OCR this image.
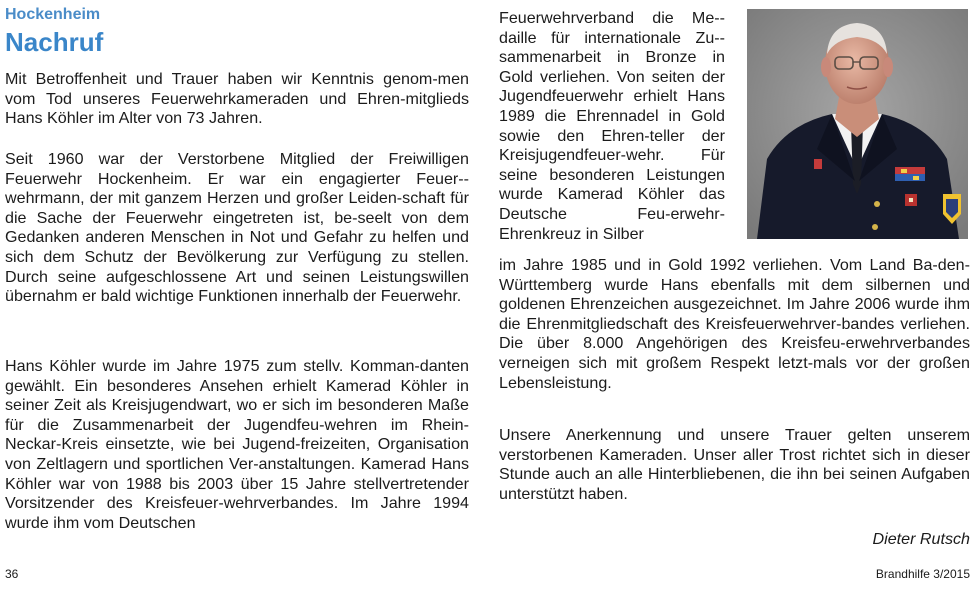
Hockenheim
Nachruf

Mit Betroffenheit und Trauer haben wir Kenntnis genom-men vom Tod unseres Feuerwehrkameraden und Ehren-mitglieds Hans Köhler im Alter von 73 Jahren.

Seit 1960 war der Verstorbene Mitglied der Freiwilligen Feuerwehr Hockenheim. Er war ein engagierter Feuer-wehrmann, der mit ganzem Herzen und großer Leiden-schaft für die Sache der Feuerwehr eingetreten ist, be-seelt von dem Gedanken anderen Menschen in Not und Gefahr zu helfen und sich dem Schutz der Bevölkerung zur Verfügung zu stellen. Durch seine aufgeschlossene Art und seinen Leistungswillen übernahm er bald wichtige Funktionen innerhalb der Feuerwehr.

Hans Köhler wurde im Jahre 1975 zum stellv. Komman-danten gewählt. Ein besonderes Ansehen erhielt Kamerad Köhler in seiner Zeit als Kreisjugendwart, wo er sich im besonderen Maße für die Zusammenarbeit der Jugendfeu-wehren im Rhein-Neckar-Kreis einsetzte, wie bei Jugend-freizeiten, Organisation von Zeltlagern und sportlichen Ver-anstaltungen. Kamerad Hans Köhler war von 1988 bis 2003 über 15 Jahre stellvertretender Vorsitzender des Kreisfeuer-wehrverbandes. Im Jahre 1994 wurde ihm vom Deutschen

Feuerwehrverband die Me-daille für internationale Zu-sammenarbeit in Bronze in Gold verliehen. Von seiten der Jugendfeuerwehr erhielt Hans 1989 die Ehrennadel in Gold sowie den Ehren-teller der Kreisjugendfeuer-wehr. Für seine besonderen Leistungen wurde Kamerad Köhler das Deutsche Feu-erwehr-Ehrenkreuz in Silber

im Jahre 1985 und in Gold 1992 verliehen. Vom Land Ba-den-Württemberg wurde Hans ebenfalls mit dem silbernen und goldenen Ehrenzeichen ausgezeichnet. Im Jahre 2006 wurde ihm die Ehrenmitgliedschaft des Kreisfeuerwehrver-bandes verliehen. Die über 8.000 Angehörigen des Kreisfeu-erwehrverbandes verneigen sich mit großem Respekt letzt-mals vor der großen Lebensleistung.

Unsere Anerkennung und unsere Trauer gelten unserem verstorbenen Kameraden. Unser aller Trost richtet sich in dieser Stunde auch an alle Hinterbliebenen, die ihn bei seinen Aufgaben unterstützt haben.

Dieter Rutsch
36	Brandhilfe 3/2015
